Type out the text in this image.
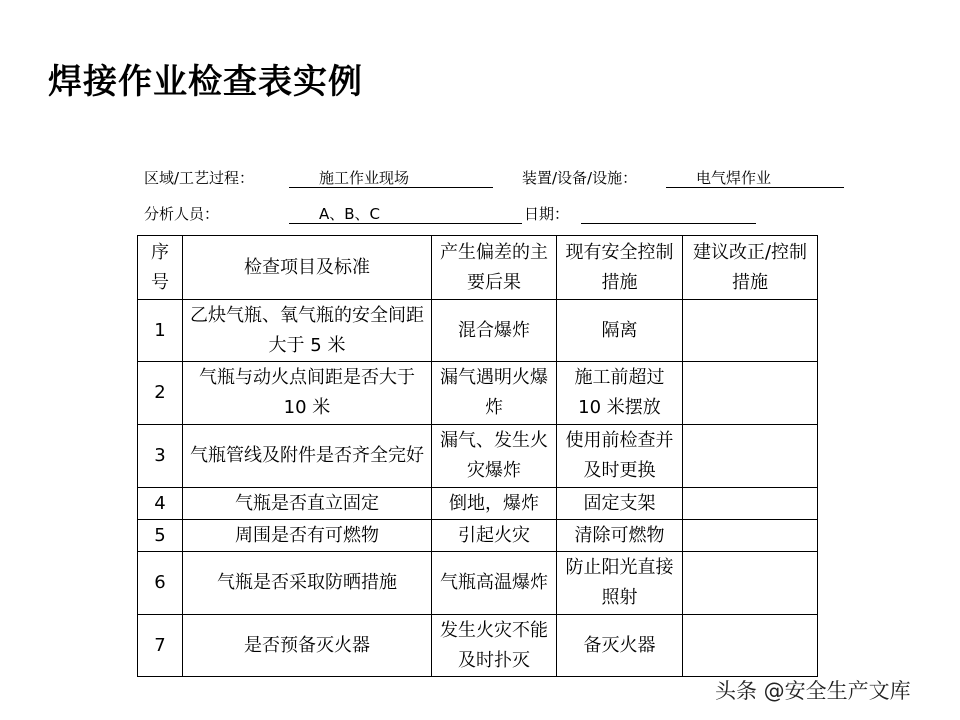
焊接作业检查表实例
区域/工艺过程：	施工作业现场	装置/设备/设施：	电气焊作业
分析人员：	A、B、C	日期：
序号	检查项目及标准	产生偏差的主要后果	现有安全控制措施	建议改正/控制措施
1	乙炔气瓶、氧气瓶的安全间距大于 5 米	混合爆炸	隔离	
2	气瓶与动火点间距是否大于 10 米	漏气遇明火爆炸	施工前超过 10 米摆放	
3	气瓶管线及附件是否齐全完好	漏气、发生火灾爆炸	使用前检查并及时更换	
4	气瓶是否直立固定	倒地，爆炸	固定支架	
5	周围是否有可燃物	引起火灾	清除可燃物	
6	气瓶是否采取防晒措施	气瓶高温爆炸	防止阳光直接照射	
7	是否预备灭火器	发生火灾不能及时扑灭	备灭火器	
头条 @安全生产文库
